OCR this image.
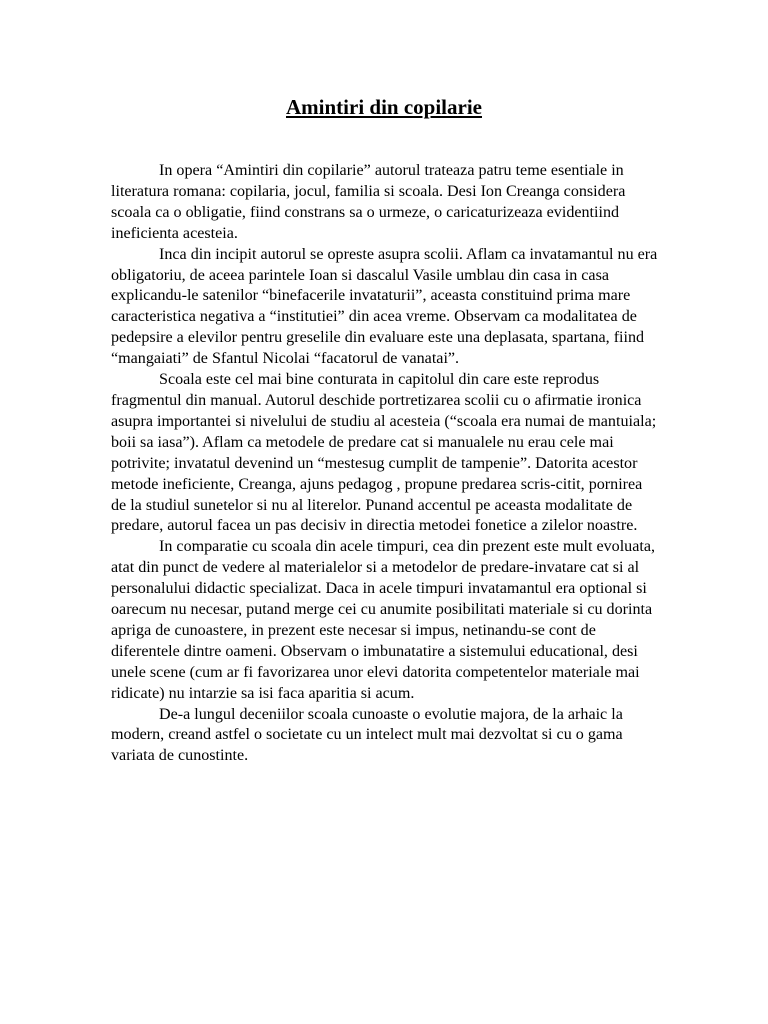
Amintiri din copilarie

In opera “Amintiri din copilarie” autorul trateaza patru teme esentiale in literatura romana: copilaria, jocul, familia si scoala. Desi Ion Creanga considera scoala ca o obligatie, fiind constrans sa o urmeze, o caricaturizeaza evidentiind ineficienta acesteia.

Inca din incipit autorul se opreste asupra scolii. Aflam ca invatamantul nu era obligatoriu, de aceea parintele Ioan si dascalul Vasile umblau din casa in casa explicandu-le satenilor “binefacerile invataturii”, aceasta constituind prima mare caracteristica negativa a “institutiei” din acea vreme. Observam ca modalitatea de pedepsire a elevilor pentru greselile din evaluare este una deplasata, spartana, fiind “mangaiati” de Sfantul Nicolai “facatorul de vanatai”.

Scoala este cel mai bine conturata in capitolul din care este reprodus fragmentul din manual. Autorul deschide portretizarea scolii cu o afirmatie ironica asupra importantei si nivelului de studiu al acesteia (“scoala era numai de mantuiala; boii sa iasa”). Aflam ca metodele de predare cat si manualele nu erau cele mai potrivite; invatatul devenind un “mestesug cumplit de tampenie”. Datorita acestor metode ineficiente, Creanga, ajuns pedagog , propune predarea scris-citit, pornirea de la studiul sunetelor si nu al literelor. Punand accentul pe aceasta modalitate de predare, autorul facea un pas decisiv in directia metodei fonetice a zilelor noastre.

In comparatie cu scoala din acele timpuri, cea din prezent este mult evoluata, atat din punct de vedere al materialelor si a metodelor de predare-invatare cat si al personalului didactic specializat. Daca in acele timpuri invatamantul era optional si oarecum nu necesar, putand merge cei cu anumite posibilitati materiale si cu dorinta apriga de cunoastere, in prezent este necesar si impus, netinandu-se cont de diferentele dintre oameni. Observam o imbunatatire a sistemului educational, desi unele scene (cum ar fi favorizarea unor elevi datorita competentelor materiale mai ridicate) nu intarzie sa isi faca aparitia si acum.

De-a lungul deceniilor scoala cunoaste o evolutie majora, de la arhaic la modern, creand astfel o societate cu un intelect mult mai dezvoltat si cu o gama variata de cunostinte.
